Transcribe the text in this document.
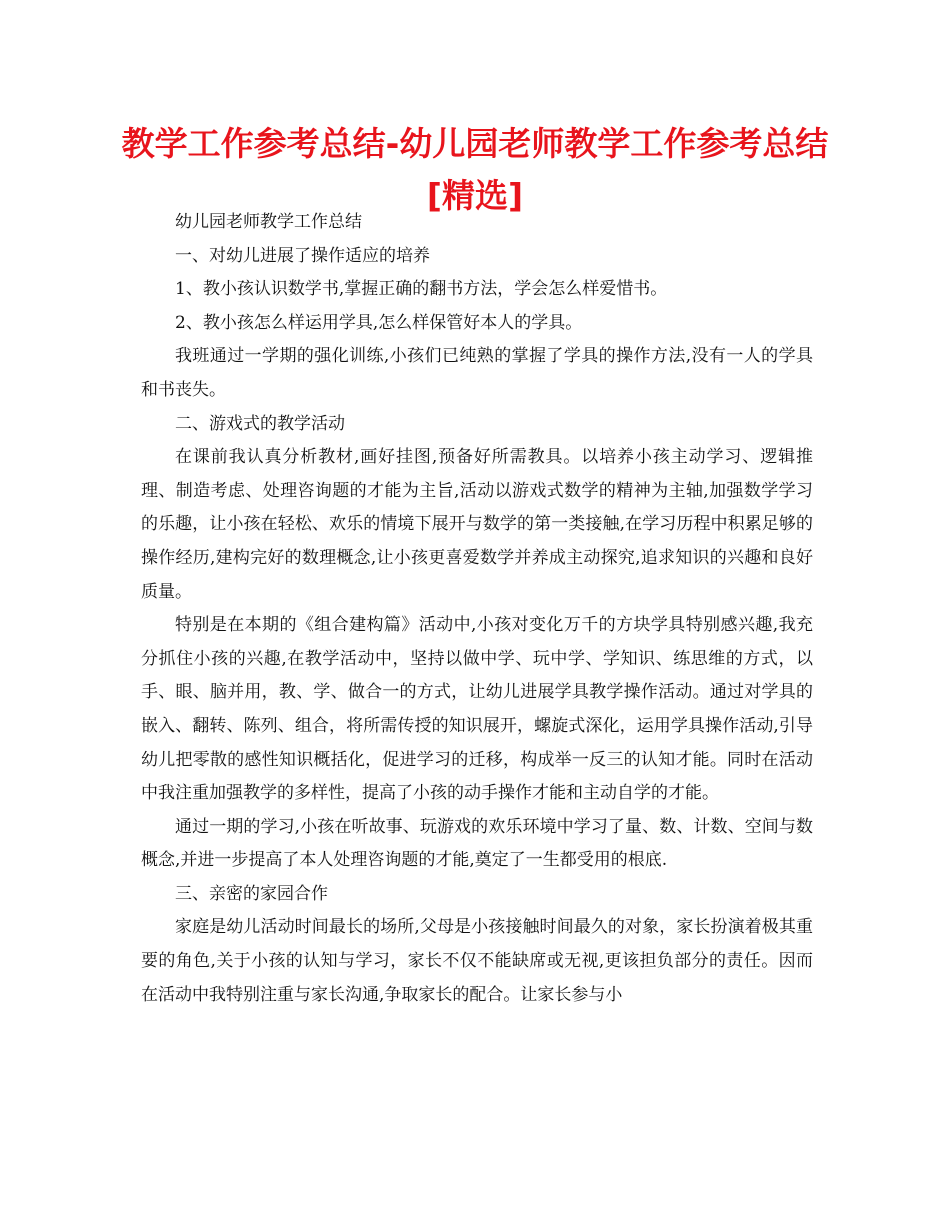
教学工作参考总结-幼儿园老师教学工作参考总结
[精选]

幼儿园老师教学工作总结

一、对幼儿进展了操作适应的培养

1、教小孩认识数学书,掌握正确的翻书方法，学会怎么样爱惜书。

2、教小孩怎么样运用学具,怎么样保管好本人的学具。

我班通过一学期的强化训练,小孩们已纯熟的掌握了学具的操作方法,没有一人的学具和书丧失。

二、游戏式的教学活动

在课前我认真分析教材,画好挂图,预备好所需教具。以培养小孩主动学习、逻辑推理、制造考虑、处理咨询题的才能为主旨,活动以游戏式数学的精神为主轴,加强数学学习的乐趣，让小孩在轻松、欢乐的情境下展开与数学的第一类接触,在学习历程中积累足够的操作经历,建构完好的数理概念,让小孩更喜爱数学并养成主动探究,追求知识的兴趣和良好质量。

特别是在本期的《组合建构篇》活动中,小孩对变化万千的方块学具特别感兴趣,我充分抓住小孩的兴趣,在教学活动中，坚持以做中学、玩中学、学知识、练思维的方式，以手、眼、脑并用，教、学、做合一的方式，让幼儿进展学具教学操作活动。通过对学具的嵌入、翻转、陈列、组合，将所需传授的知识展开，螺旋式深化，运用学具操作活动,引导幼儿把零散的感性知识概括化，促进学习的迁移，构成举一反三的认知才能。同时在活动中我注重加强教学的多样性，提高了小孩的动手操作才能和主动自学的才能。

通过一期的学习,小孩在听故事、玩游戏的欢乐环境中学习了量、数、计数、空间与数概念,并进一步提高了本人处理咨询题的才能,奠定了一生都受用的根底.

三、亲密的家园合作

家庭是幼儿活动时间最长的场所,父母是小孩接触时间最久的对象，家长扮演着极其重要的角色,关于小孩的认知与学习，家长不仅不能缺席或无视,更该担负部分的责任。因而在活动中我特别注重与家长沟通,争取家长的配合。让家长参与小
